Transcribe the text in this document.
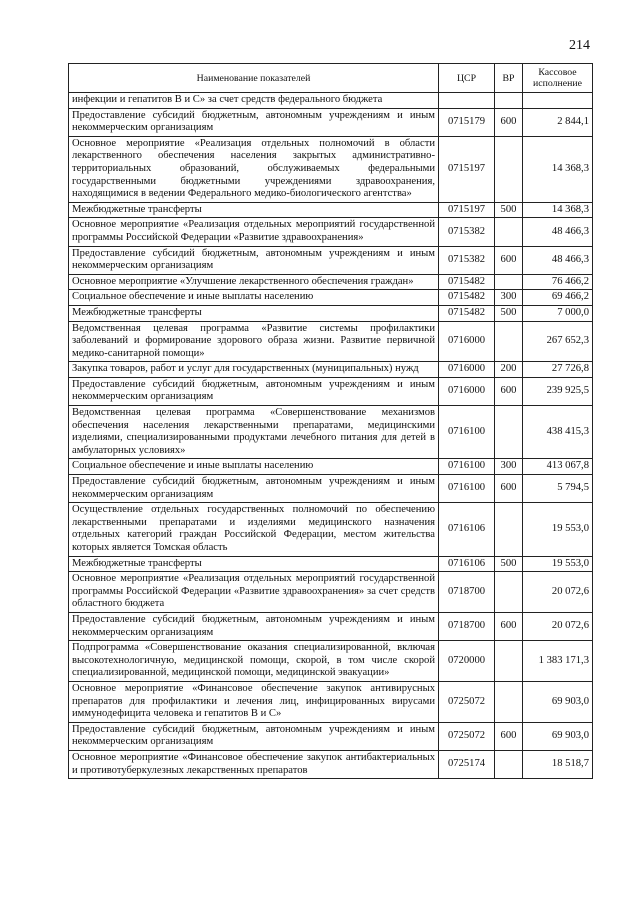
214
Наименование показателей	ЦСР	ВР	Кассовое исполнение
инфекции и гепатитов В и С» за счет средств федерального бюджета			
Предоставление субсидий бюджетным, автономным учреждениям и иным некоммерческим организациям	0715179	600	2 844,1
Основное мероприятие «Реализация отдельных полномочий в области лекарственного обеспечения населения закрытых административно-территориальных образований, обслуживаемых федеральными государственными бюджетными учреждениями здравоохранения, находящимися в ведении Федерального медико-биологического агентства»	0715197		14 368,3
Межбюджетные трансферты	0715197	500	14 368,3
Основное мероприятие «Реализация отдельных мероприятий государственной программы Российской Федерации «Развитие здравоохранения»	0715382		48 466,3
Предоставление субсидий бюджетным, автономным учреждениям и иным некоммерческим организациям	0715382	600	48 466,3
Основное мероприятие «Улучшение лекарственного обеспечения граждан»	0715482		76 466,2
Социальное обеспечение и иные выплаты населению	0715482	300	69 466,2
Межбюджетные трансферты	0715482	500	7 000,0
Ведомственная целевая программа «Развитие системы профилактики заболеваний и формирование здорового образа жизни. Развитие первичной медико-санитарной помощи»	0716000		267 652,3
Закупка товаров, работ и услуг для государственных (муниципальных) нужд	0716000	200	27 726,8
Предоставление субсидий бюджетным, автономным учреждениям и иным некоммерческим организациям	0716000	600	239 925,5
Ведомственная целевая программа «Совершенствование механизмов обеспечения населения лекарственными препаратами, медицинскими изделиями, специализированными продуктами лечебного питания для детей в амбулаторных условиях»	0716100		438 415,3
Социальное обеспечение и иные выплаты населению	0716100	300	413 067,8
Предоставление субсидий бюджетным, автономным учреждениям и иным некоммерческим организациям	0716100	600	5 794,5
Осуществление отдельных государственных полномочий по обеспечению лекарственными препаратами и изделиями медицинского назначения отдельных категорий граждан Российской Федерации, местом жительства которых является Томская область	0716106		19 553,0
Межбюджетные трансферты	0716106	500	19 553,0
Основное мероприятие «Реализация отдельных мероприятий государственной программы Российской Федерации «Развитие здравоохранения» за счет средств областного бюджета	0718700		20 072,6
Предоставление субсидий бюджетным, автономным учреждениям и иным некоммерческим организациям	0718700	600	20 072,6
Подпрограмма «Совершенствование оказания специализированной, включая высокотехнологичную, медицинской помощи, скорой, в том числе скорой специализированной, медицинской помощи, медицинской эвакуации»	0720000		1 383 171,3
Основное мероприятие «Финансовое обеспечение закупок антивирусных препаратов для профилактики и лечения лиц, инфицированных вирусами иммунодефицита человека и гепатитов В и С»	0725072		69 903,0
Предоставление субсидий бюджетным, автономным учреждениям и иным некоммерческим организациям	0725072	600	69 903,0
Основное мероприятие «Финансовое обеспечение закупок антибактериальных и противотуберкулезных лекарственных препаратов	0725174		18 518,7
